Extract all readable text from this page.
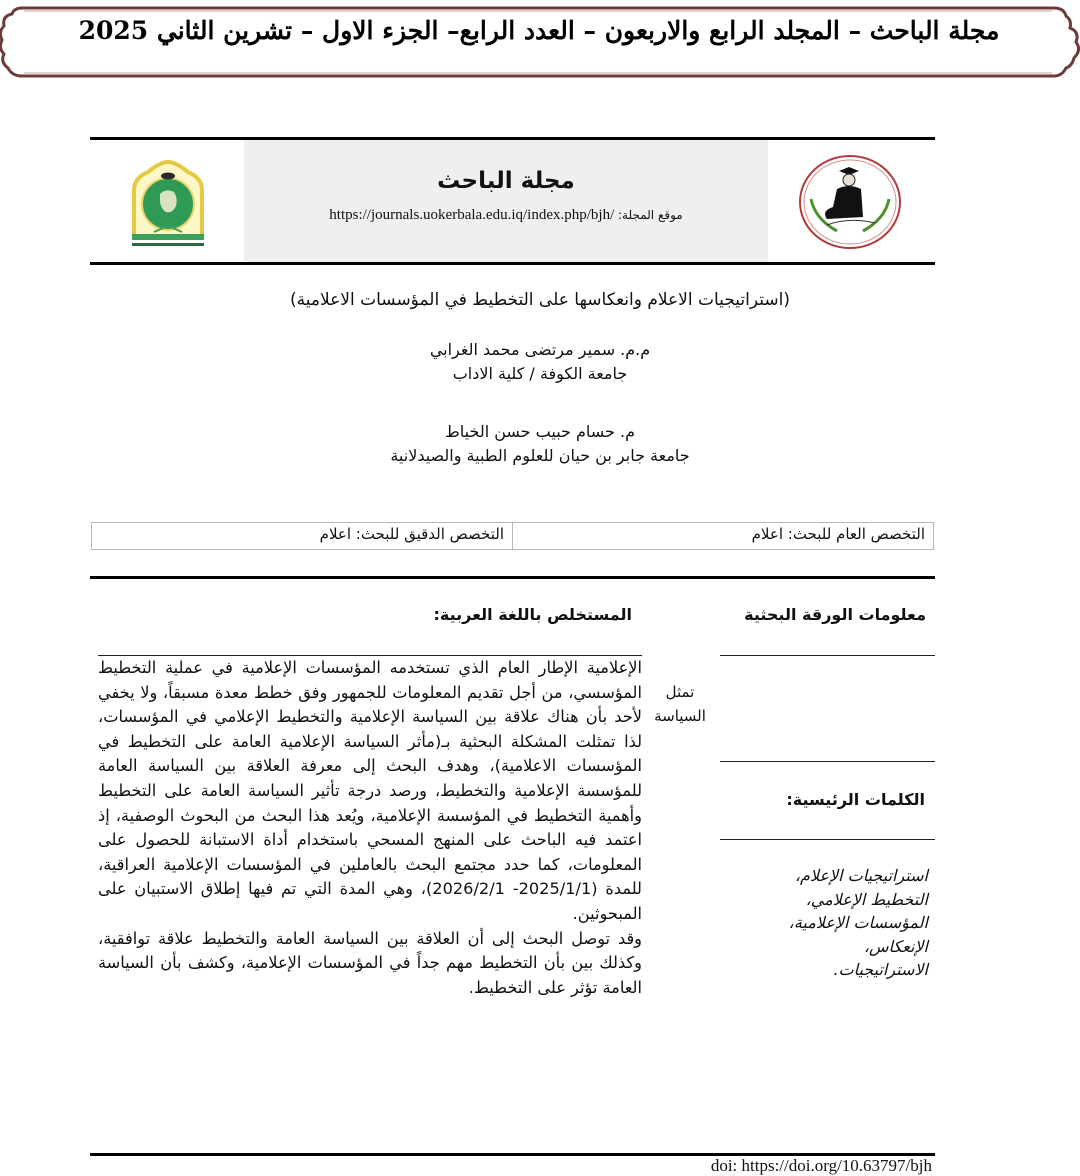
مجلة الباحث – المجلد الرابع والاربعون – العدد الرابع– الجزء الاول – تشرين الثاني 2025
مجلة الباحث
موقع المجلة: https://journals.uokerbala.edu.iq/index.php/bjh/
(استراتيجيات الاعلام وانعكاسها على التخطيط في المؤسسات الاعلامية)
م.م. سمير مرتضى محمد الغرابي
جامعة الكوفة / كلية الاداب
م. حسام حبيب حسن الخياط
جامعة جابر بن حيان للعلوم الطبية والصيدلانية
التخصص العام للبحث: اعلام
التخصص الدقيق للبحث: اعلام
معلومات الورقة البحثية
المستخلص باللغة العربية:
الكلمات الرئيسية:
تمثل
السياسة

الإعلامية الإطار العام الذي تستخدمه المؤسسات الإعلامية في عملية التخطيط المؤسسي، من أجل تقديم المعلومات للجمهور وفق خطط معدة مسبقاً، ولا يخفي لأحد بأن هناك علاقة بين السياسة الإعلامية والتخطيط الإعلامي في المؤسسات، لذا تمثلت المشكلة البحثية بـ(مأثر السياسة الإعلامية العامة على التخطيط في المؤسسات الاعلامية)، وهدف البحث إلى معرفة العلاقة بين السياسة العامة للمؤسسة الإعلامية والتخطيط، ورصد درجة تأثير السياسة العامة على التخطيط وأهمية التخطيط في المؤسسة الإعلامية، ويُعد هذا البحث من البحوث الوصفية، إذ اعتمد فيه الباحث على المنهج المسحي باستخدام أداة الاستبانة للحصول على المعلومات، كما حدد مجتمع البحث بالعاملين في المؤسسات الإعلامية العراقية، للمدة (2025/1/1- 2026/2/1)، وهي المدة التي تم فيها إطلاق الاستبيان على المبحوثين.

وقد توصل البحث إلى أن العلاقة بين السياسة العامة والتخطيط علاقة توافقية، وكذلك بين بأن التخطيط مهم جداً في المؤسسات الإعلامية، وكشف بأن السياسة العامة تؤثر على التخطيط.

استراتيجيات الإعلام،
التخطيط الإعلامي،
المؤسسات الإعلامية،
الإنعكاس،
الاستراتيجيات.
doi: https://doi.org/10.63797/bjh
